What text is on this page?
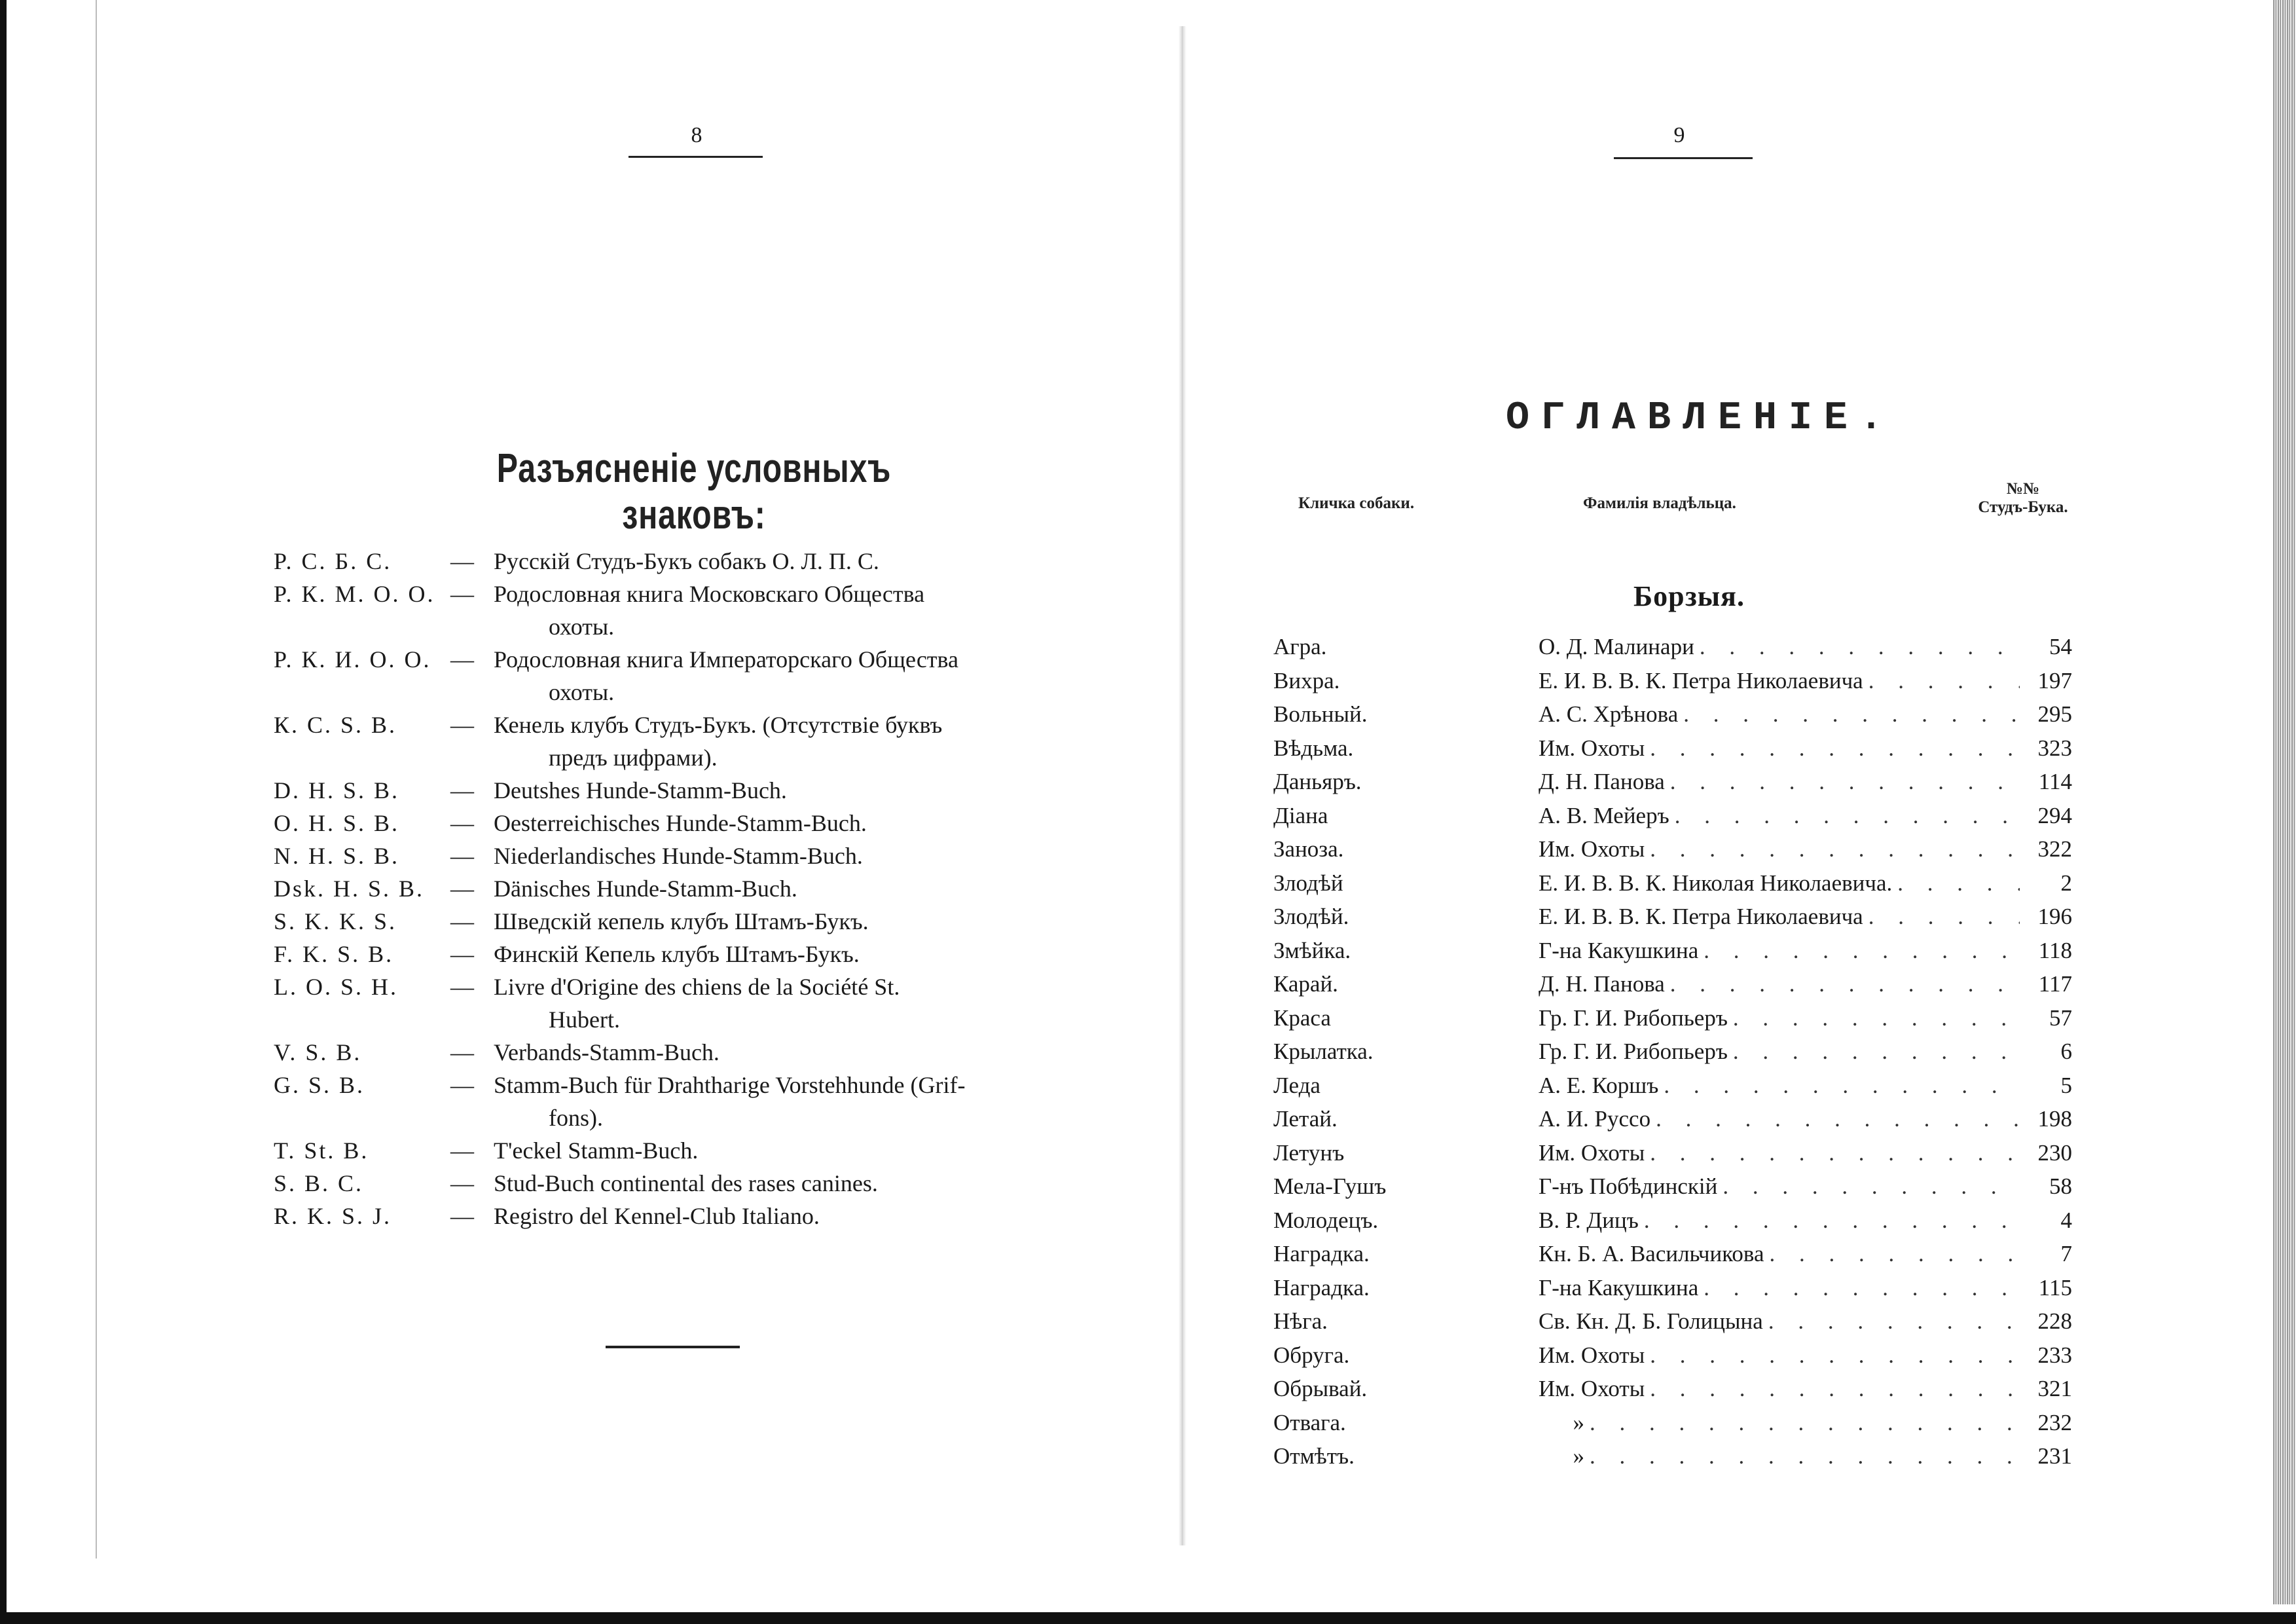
8
Разъясненіе условныхъ знаковъ:
Р. С. Б. С.	— Русскій Студъ-Букъ собакъ О. Л. П. С.
Р. К. М. О. О. — Родословная книга Московскаго Общества
охоты.
Р. К. И. О. О. — Родословная книга Императорскаго Общества
охоты.
К. С. S. В.	— Кенель клубъ Студъ-Букъ. (Отсутствіе буквъ
предъ цифрами).
D. H. S. B.	— Deutshes Hunde-Stamm-Buch.
O. H. S. B.	— Oesterreichisches Hunde-Stamm-Buch.
N. H. S. B.	— Niederlandisches Hunde-Stamm-Buch.
Dsk. H. S. B.	— Dänisches Hunde-Stamm-Buch.
S. K. K. S.	— Шведскій кепель клубъ Штамъ-Букъ.
F. K. S. B.	— Финскій Кепель клубъ Штамъ-Букъ.
L. O. S. H.	— Livre d'Origine des chiens de la Société St.
Hubert.
V. S. B.	— Verbands-Stamm-Buch.
G. S. B.	— Stamm-Buch für Drahtharige Vorstehhunde (Grif-
fons).
T. St. B.	— T'eckel Stamm-Buch.
S. B. C.	— Stud-Buch continental des rases canines.
R. K. S. J.	— Registro del Kennel-Club Italiano.
9
ОГЛАВЛЕНІЕ.
Кличка собаки.	Фамилія владѣльца.
№№
Студъ-Бука.
Борзыя.
Агра.	О. Д. Малинари . . .	54
Вихра.	Е. И. В. В. К. Петра Николаевича . . .	197
Вольный.	А. С. Хрѣнова . . .	295
Вѣдьма.	Им. Охоты . . .	323
Даньяръ.	Д. Н. Панова . . .	114
Діана	А. В. Мейеръ . . .	294
Заноза.	Им. Охоты . . .	322
Злодѣй	Е. И. В. В. К. Николая Николаевича. . . .	2
Злодѣй.	Е. И. В. В. К. Петра Николаевича . . .	196
Змѣйка.	Г-на Какушкина . . .	118
Карай.	Д. Н. Панова . . .	117
Краса	Гр. Г. И. Рибопьеръ . . .	57
Крылатка.	Гр. Г. И. Рибопьеръ . . .	6
Леда	А. Е. Коршъ . . .	5
Летай.	А. И. Руссо . . .	198
Летунъ	Им. Охоты . . .	230
Мела-Гушъ	Г-нъ Побѣдинскій . . .	58
Молодецъ.	В. Р. Дицъ . . .	4
Наградка.	Кн. Б. А. Васильчикова . . .	7
Наградка.	Г-на Какушкина . . .	115
Нѣга.	Св. Кн. Д. Б. Голицына . . .	228
Обруга.	Им. Охоты . . .	233
Обрывай.	Им. Охоты . . .	321
Отвага.	» . . .	232
Отмѣтъ.	» . . .	231
